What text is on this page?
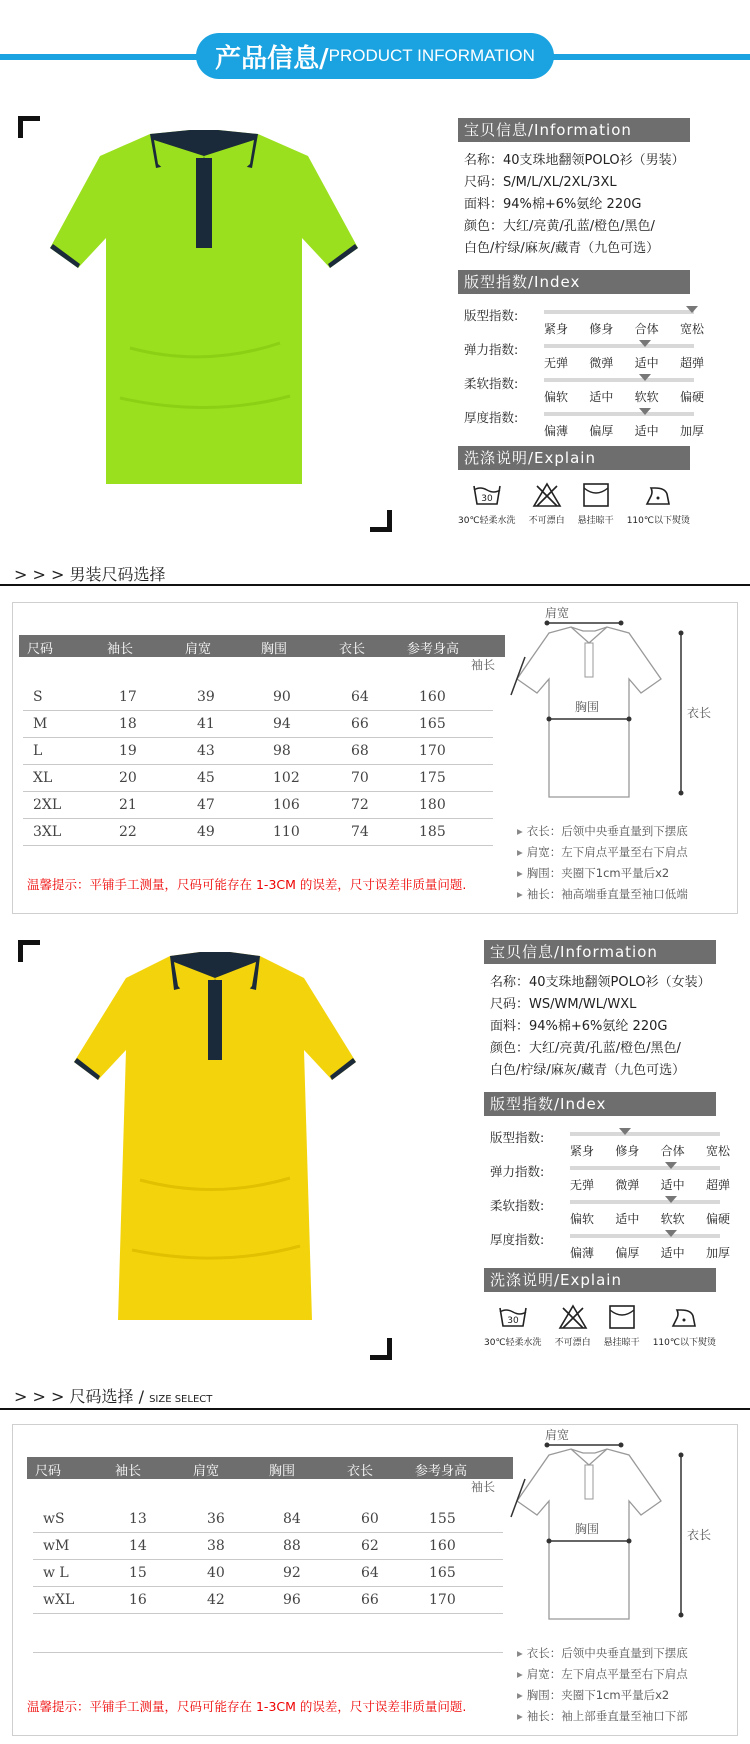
产品信息/ PRODUCT INFORMATION
宝贝信息/Information
名称：40支珠地翻领POLO衫（男装）
尺码：S/M/L/XL/2XL/3XL
面料：94%棉+6%氨纶 220G
颜色：大红/亮黄/孔蓝/橙色/黑色/
白色/柠绿/麻灰/藏青（九色可选）
版型指数/Index
版型指数:
紧身 修身 合体 宽松
弹力指数:
无弹 微弹 适中 超弹
柔软指数:
偏软 适中 软软 偏硬
厚度指数:
偏薄 偏厚 适中 加厚
洗涤说明/Explain
30
30℃轻柔水洗 不可漂白 悬挂晾干 110℃以下熨烫
> > > 男装尺码选择
尺码	袖长	肩宽	胸围	衣长	参考身高
温馨提示：平铺手工测量，尺码可能存在 1-3CM 的误差，尺寸误差非质量问题.
肩宽
袖长
胸围	衣长
▸ 衣长：后领中央垂直量到下摆底
▸ 肩宽：左下肩点平量至右下肩点
▸ 胸围：夹圈下1cm平量后x2
▸ 袖长：袖高端垂直量至袖口低端
S	17	39	90	64	160
M	18	41	94	66	165
L	19	43	98	68	170
XL	20	45	102	70	175
2XL	21	47	106	72	180
3XL	22	49	110	74	185
宝贝信息/Information
名称：40支珠地翻领POLO衫（女装）
尺码：WS/WM/WL/WXL
面料：94%棉+6%氨纶 220G
颜色：大红/亮黄/孔蓝/橙色/黑色/
白色/柠绿/麻灰/藏青（九色可选）
版型指数/Index
版型指数:
紧身 修身 合体 宽松
弹力指数:
无弹 微弹 适中 超弹
柔软指数:
偏软 适中 软软 偏硬
厚度指数:
偏薄 偏厚 适中 加厚
洗涤说明/Explain
30
30℃轻柔水洗 不可漂白 悬挂晾干 110℃以下熨烫
> > > 尺码选择 / SIZE SELECT
尺码	袖长	肩宽	胸围	衣长	参考身高
温馨提示：平铺手工测量，尺码可能存在 1-3CM 的误差，尺寸误差非质量问题.
肩宽
袖长
胸围	衣长
▸ 衣长：后领中央垂直量到下摆底
▸ 肩宽：左下肩点平量至右下肩点
▸ 胸围：夹圈下1cm平量后x2
▸ 袖长：袖上部垂直量至袖口下部
wS	13	36	84	60	155
wM	14	38	88	62	160
w L	15	40	92	64	165
wXL	16	42	96	66	170
